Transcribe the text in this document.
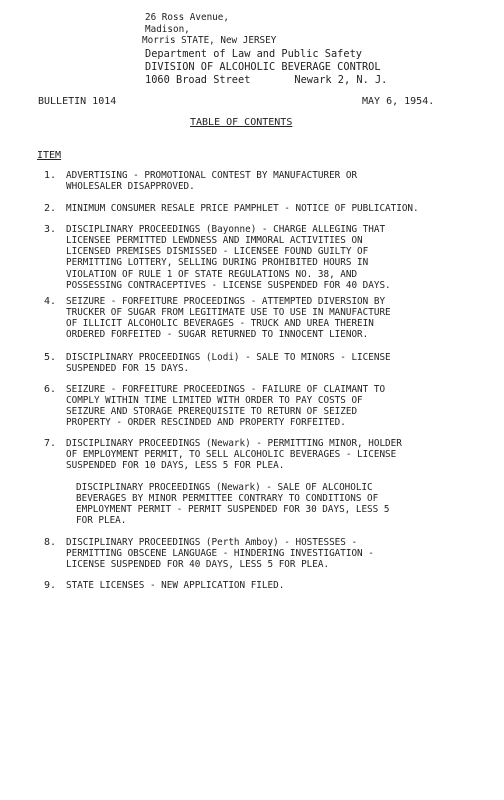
26 Ross Avenue,
Madison,
Morris STATE, New JERSEY
Department of Law and Public Safety
DIVISION OF ALCOHOLIC BEVERAGE CONTROL
1060 Broad Street	Newark 2, N. J.
BULLETIN 1014	MAY 6, 1954.
TABLE OF CONTENTS
ITEM
1.	ADVERTISING - PROMOTIONAL CONTEST BY MANUFACTURER OR
WHOLESALER DISAPPROVED.
2.	MINIMUM CONSUMER RESALE PRICE PAMPHLET - NOTICE OF PUBLICATION.
3.	DISCIPLINARY PROCEEDINGS (Bayonne) - CHARGE ALLEGING THAT
LICENSEE PERMITTED LEWDNESS AND IMMORAL ACTIVITIES ON
LICENSED PREMISES DISMISSED - LICENSEE FOUND GUILTY OF
PERMITTING LOTTERY, SELLING DURING PROHIBITED HOURS IN
VIOLATION OF RULE 1 OF STATE REGULATIONS NO. 38, AND
POSSESSING CONTRACEPTIVES - LICENSE SUSPENDED FOR 40 DAYS.
4.	SEIZURE - FORFEITURE PROCEEDINGS - ATTEMPTED DIVERSION BY
TRUCKER OF SUGAR FROM LEGITIMATE USE TO USE IN MANUFACTURE
OF ILLICIT ALCOHOLIC BEVERAGES - TRUCK AND UREA THEREIN
ORDERED FORFEITED - SUGAR RETURNED TO INNOCENT LIENOR.
5.	DISCIPLINARY PROCEEDINGS (Lodi) - SALE TO MINORS - LICENSE
SUSPENDED FOR 15 DAYS.
6.	SEIZURE - FORFEITURE PROCEEDINGS - FAILURE OF CLAIMANT TO
COMPLY WITHIN TIME LIMITED WITH ORDER TO PAY COSTS OF
SEIZURE AND STORAGE PREREQUISITE TO RETURN OF SEIZED
PROPERTY - ORDER RESCINDED AND PROPERTY FORFEITED.
7.	DISCIPLINARY PROCEEDINGS (Newark) - PERMITTING MINOR, HOLDER
OF EMPLOYMENT PERMIT, TO SELL ALCOHOLIC BEVERAGES - LICENSE
SUSPENDED FOR 10 DAYS, LESS 5 FOR PLEA.
DISCIPLINARY PROCEEDINGS (Newark) - SALE OF ALCOHOLIC
BEVERAGES BY MINOR PERMITTEE CONTRARY TO CONDITIONS OF
EMPLOYMENT PERMIT - PERMIT SUSPENDED FOR 30 DAYS, LESS 5
FOR PLEA.
8.	DISCIPLINARY PROCEEDINGS (Perth Amboy) - HOSTESSES -
PERMITTING OBSCENE LANGUAGE - HINDERING INVESTIGATION -
LICENSE SUSPENDED FOR 40 DAYS, LESS 5 FOR PLEA.
9.	STATE LICENSES - NEW APPLICATION FILED.
